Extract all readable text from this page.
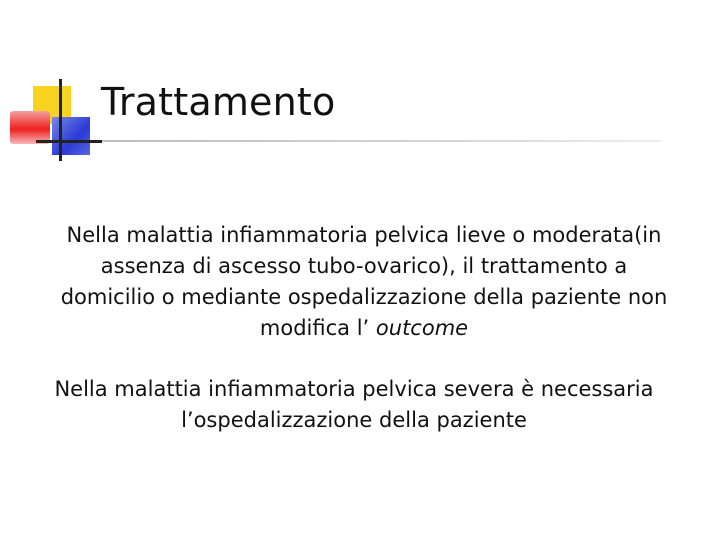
Trattamento

Nella malattia infiammatoria pelvica lieve o moderata(in
assenza di ascesso tubo-ovarico), il trattamento a
domicilio o mediante ospedalizzazione della paziente non
modifica l’ outcome

Nella malattia infiammatoria pelvica severa è necessaria
l’ospedalizzazione della paziente
